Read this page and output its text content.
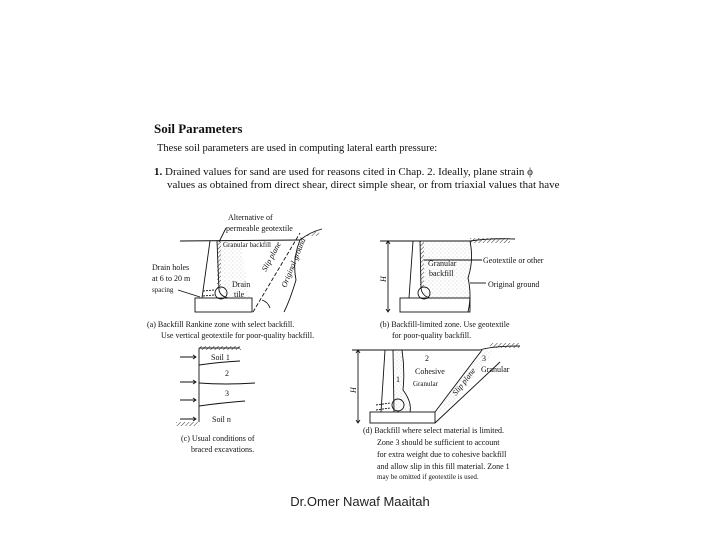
Soil Parameters
These soil parameters are used in computing lateral earth pressure:
1. Drained values for sand are used for reasons cited in Chap. 2. Ideally, plane strain ϕ
values as obtained from direct shear, direct simple shear, or from triaxial values that have
Alternative of
permeable geotextile
Granular backfill
Drain holes
at 6 to 20 m
spacing
Drain
tile
Slip plane
Original ground
(a) Backfill Rankine zone with select backfill.
Use vertical geotextile for poor-quality backfill.
H
Geotextile or other
Granular
backfill
Original ground
(b) Backfill-limited zone. Use geotextile
for poor-quality backfill.
Soil 1
2
3
Soil n
(c) Usual conditions of
braced excavations.
H
2
Cohesive
Granular
1
3
Granular
Slip plane
(d) Backfill where select material is limited.
Zone 3 should be sufficient to account
for extra weight due to cohesive backfill
and allow slip in this fill material. Zone 1
may be omitted if geotextile is used.
Dr.Omer Nawaf Maaitah
